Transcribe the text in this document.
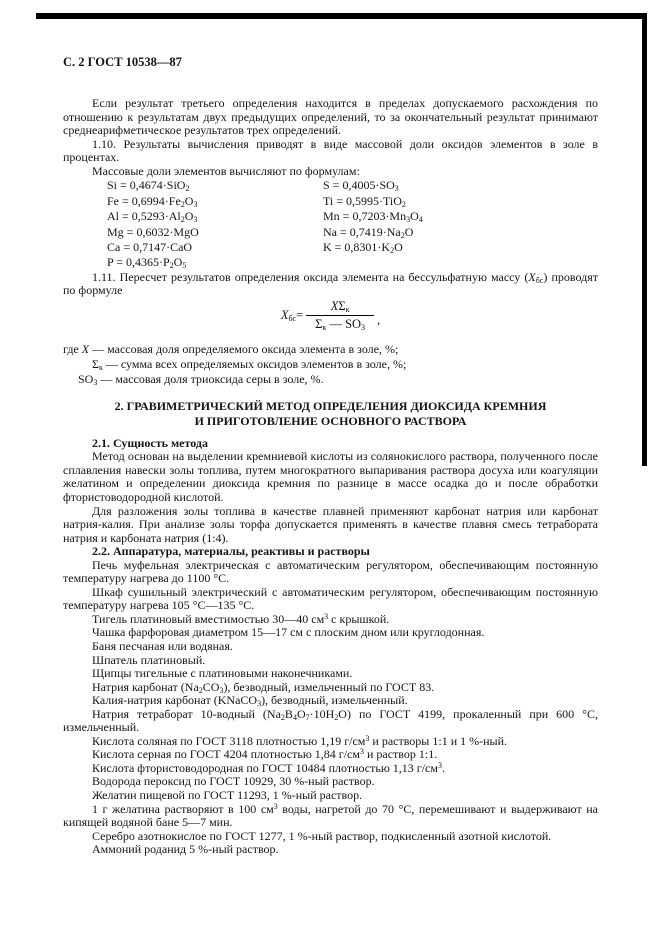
С. 2 ГОСТ 10538—87

Если результат третьего определения находится в пределах допускаемого расхождения по отношению к результатам двух предыдущих определений, то за окончательный результат принимают среднеарифметическое результатов трех определений.

1.10. Результаты вычисления приводят в виде массовой доли оксидов элементов в золе в процентах.

Массовые доли элементов вычисляют по формулам:

Si = 0,4674·SiO$_2$	$S = 0,4005\cdot SO_3$
$Fe = 0,6994\cdot Fe_2O_3$	Ti = 0,5995·TiO$_2$
$Al = 0,5293\cdot Al_2O_3$	$Mn = 0,7203\cdot Mn_3O_4$
Mg = 0,6032·MgO	$Na = 0,7419\cdot Na_2O$
Ca = 0,7147·CaO	$K = 0,8301\cdot K_2O$
$P = 0,4365\cdot P_2O_5$

1.11. Пересчет результатов определения оксида элемента на бессульфатную массу $(X_{бс})$ проводят по формуле

$X_{бс} = \frac{X\Sigma_к}{\Sigma_к — SO_3}$ ,
где X — массовая доля определяемого оксида элемента в золе, %;
$\Sigma_к$ — сумма всех определяемых оксидов элементов в золе, %;
$SO_3$ — массовая доля триоксида серы в золе, %.
2. ГРАВИМЕТРИЧЕСКИЙ МЕТОД ОПРЕДЕЛЕНИЯ ДИОКСИДА КРЕМНИЯ
И ПРИГОТОВЛЕНИЕ ОСНОВНОГО РАСТВОРА

2.1. Сущность метода

Метод основан на выделении кремниевой кислоты из солянокислого раствора, полученного после сплавления навески золы топлива, путем многократного выпаривания раствора досуха или коагуляции желатином и определении диоксида кремния по разнице в массе осадка до и после обработки фтористоводородной кислотой.

Для разложения золы топлива в качестве плавней применяют карбонат натрия или карбонат натрия-калия. При анализе золы торфа допускается применять в качестве плавня смесь тетрабората натрия и карбоната натрия (1:4).

2.2. Аппаратура, материалы, реактивы и растворы

Печь муфельная электрическая с автоматическим регулятором, обеспечивающим постоянную температуру нагрева до 1100 °С.

Шкаф сушильный электрический с автоматическим регулятором, обеспечивающим постоянную температуру нагрева 105 °С—135 °С.

Тигель платиновый вместимостью 30—40 $см^3$ с крышкой.

Чашка фарфоровая диаметром 15—17 см с плоским дном или круглодонная.

Баня песчаная или водяная.

Шпатель платиновый.

Щипцы тигельные с платиновыми наконечниками.

Натрия карбонат $(Na_2CO_3)$, безводный, измельченный по ГОСТ 83.

Калия-натрия карбонат (KNaCO$_3$), безводный, измельченный.

Натрия тетраборат 10-водный $(Na_2B_4O_7\cdot 10H_2O)$ по ГОСТ 4199, прокаленный при 600 °С, измельченный.

Кислота соляная по ГОСТ 3118 плотностью 1,19 $г/см^3$ и растворы 1:1 и 1 %-ный.

Кислота серная по ГОСТ 4204 плотностью 1,84 $г/см^3$ и раствор 1:1.

Кислота фтористоводородная по ГОСТ 10484 плотностью 1,13 $г/см^3$.

Водорода пероксид по ГОСТ 10929, 30 %-ный раствор.

Желатин пищевой по ГОСТ 11293, 1 %-ный раствор.

1 г желатина растворяют в 100 $см^3$ воды, нагретой до 70 °С, перемешивают и выдерживают на кипящей водяной бане 5—7 мин.

Серебро азотнокислое по ГОСТ 1277, 1 %-ный раствор, подкисленный азотной кислотой.

Аммоний роданид 5 %-ный раствор.
